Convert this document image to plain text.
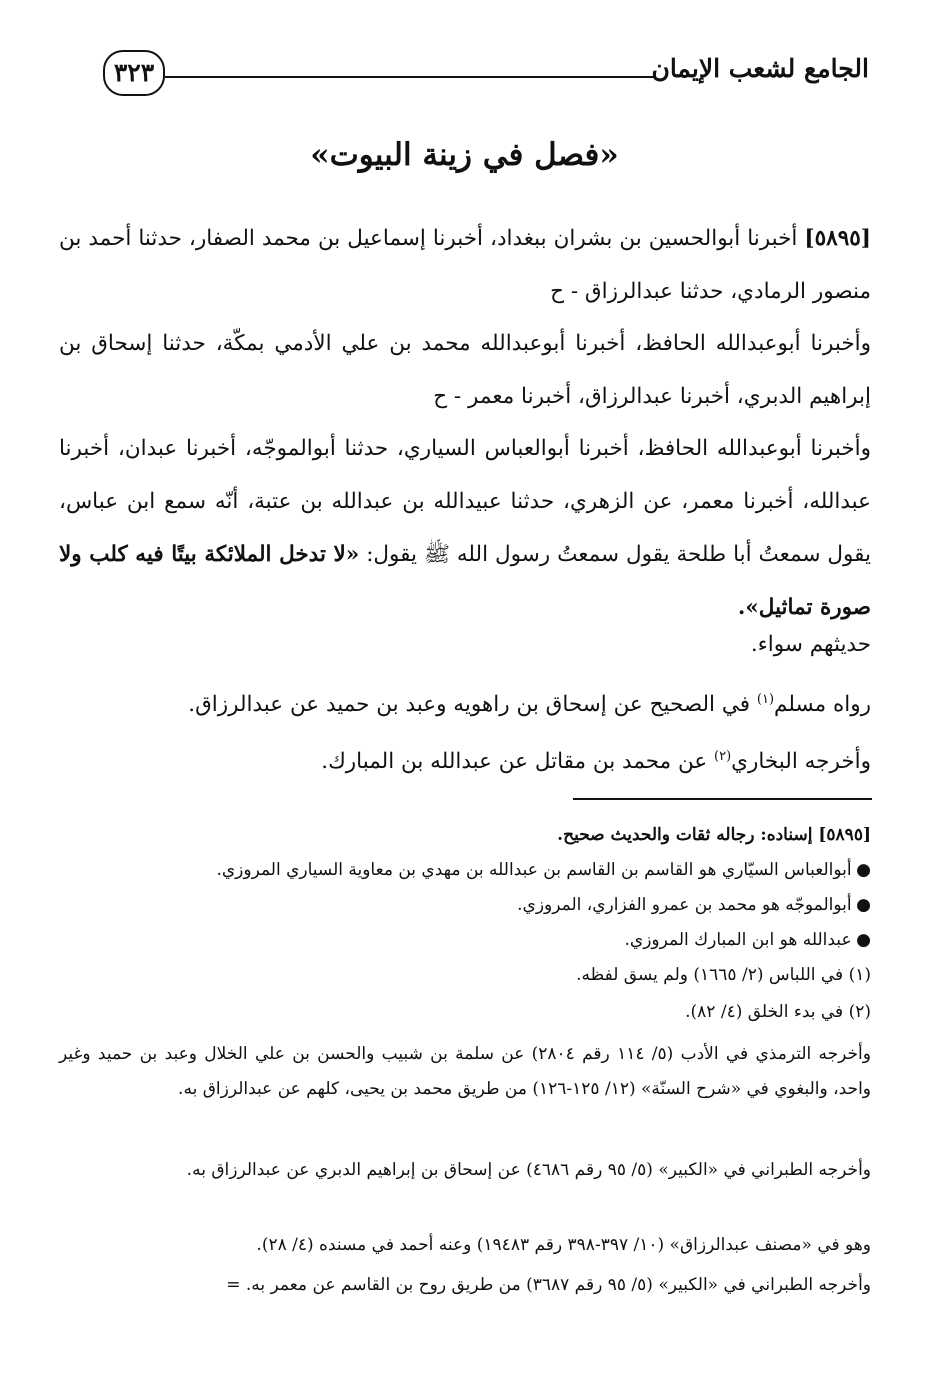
الجامع لشعب الإيمان
٣٢٣
«فصل في زينة البيوت»
[٥٨٩٥] أخبرنا أبوالحسين بن بشران ببغداد، أخبرنا إسماعيل بن محمد الصفار، حدثنا أحمد بن منصور الرمادي، حدثنا عبدالرزاق - ح
وأخبرنا أبوعبدالله الحافظ، أخبرنا أبوعبدالله محمد بن علي الأدمي بمكّة، حدثنا إسحاق بن إبراهيم الدبري، أخبرنا عبدالرزاق، أخبرنا معمر - ح
وأخبرنا أبوعبدالله الحافظ، أخبرنا أبوالعباس السياري، حدثنا أبوالموجّه، أخبرنا عبدان، أخبرنا عبدالله، أخبرنا معمر، عن الزهري، حدثنا عبيدالله بن عبدالله بن عتبة، أنّه سمع ابن عباس، يقول سمعتُ أبا طلحة يقول سمعتُ رسول الله ﷺ يقول: «لا تدخل الملائكة بيتًا فيه كلب ولا صورة تماثيل».
حديثهم سواء.
رواه مسلم$^{(١)}$ في الصحيح عن إسحاق بن راهويه وعبد بن حميد عن عبدالرزاق.
وأخرجه البخاري$^{(٢)}$ عن محمد بن مقاتل عن عبدالله بن المبارك.
[٥٨٩٥] إسناده: رجاله ثقات والحديث صحيح.
● أبوالعباس السيّاري هو القاسم بن القاسم بن عبدالله بن مهدي بن معاوية السياري المروزي.
● أبوالموجّه هو محمد بن عمرو الفزاري، المروزي.
● عبدالله هو ابن المبارك المروزي.
(١) في اللباس (٢/ ١٦٦٥) ولم يسق لفظه.
(٢) في بدء الخلق (٤/ ٨٢).
وأخرجه الترمذي في الأدب (٥/ ١١٤ رقم ٢٨٠٤) عن سلمة بن شبيب والحسن بن علي الخلال وعبد بن حميد وغير واحد، والبغوي في «شرح السنّة» (١٢/ ١٢٥-١٢٦) من طريق محمد بن يحيى، كلهم عن عبدالرزاق به.
وأخرجه الطبراني في «الكبير» (٥/ ٩٥ رقم ٤٦٨٦) عن إسحاق بن إبراهيم الدبري عن عبدالرزاق به.
وهو في «مصنف عبدالرزاق» (١٠/ ٣٩٧-٣٩٨ رقم ١٩٤٨٣) وعنه أحمد في مسنده (٤/ ٢٨).
وأخرجه الطبراني في «الكبير» (٥/ ٩٥ رقم ٣٦٨٧) من طريق روح بن القاسم عن معمر به. =
